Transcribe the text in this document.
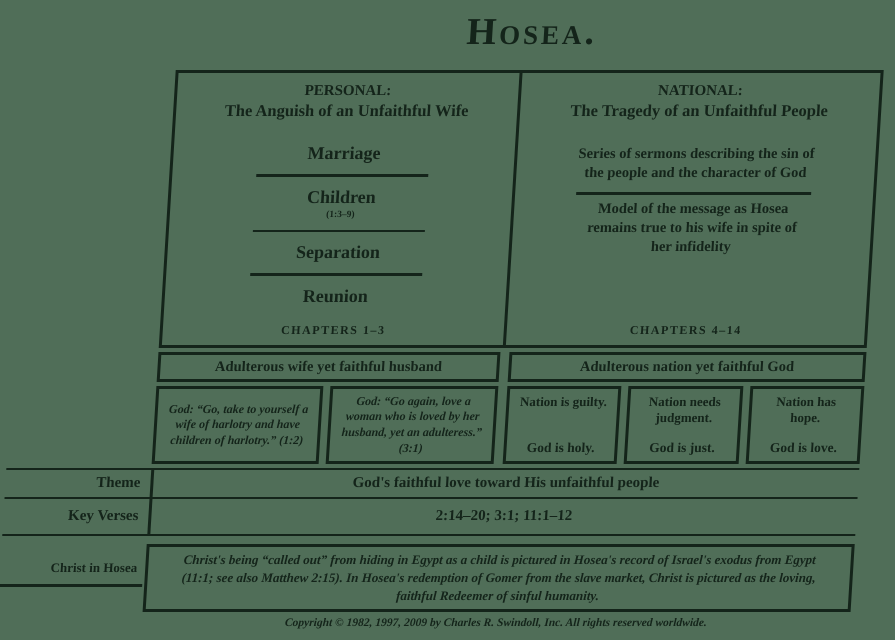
Hosea.
PERSONAL:
The Anguish of an Unfaithful Wife
Marriage
Children
(1:3–9)
Separation
Reunion
CHAPTERS 1–3
NATIONAL:
The Tragedy of an Unfaithful People
Series of sermons describing the sin of the people and the character of God
Model of the message as Hosea remains true to his wife in spite of her infidelity
CHAPTERS 4–14
Adulterous wife yet faithful husband	Adulterous nation yet faithful God
God: “Go, take to yourself a wife of harlotry and have children of harlotry.” (1:2)
God: “Go again, love a woman who is loved by her husband, yet an adulteress.” (3:1)
Nation is guilty.
God is holy.
Nation needs judgment.
God is just.
Nation has hope.
God is love.
Theme	God's faithful love toward His unfaithful people
Key Verses	2:14–20; 3:1; 11:1–12
Christ in Hosea
Christ's being “called out” from hiding in Egypt as a child is pictured in Hosea's record of Israel's exodus from Egypt (11:1; see also Matthew 2:15). In Hosea's redemption of Gomer from the slave market, Christ is pictured as the loving, faithful Redeemer of sinful humanity.
Copyright © 1982, 1997, 2009 by Charles R. Swindoll, Inc. All rights reserved worldwide.
